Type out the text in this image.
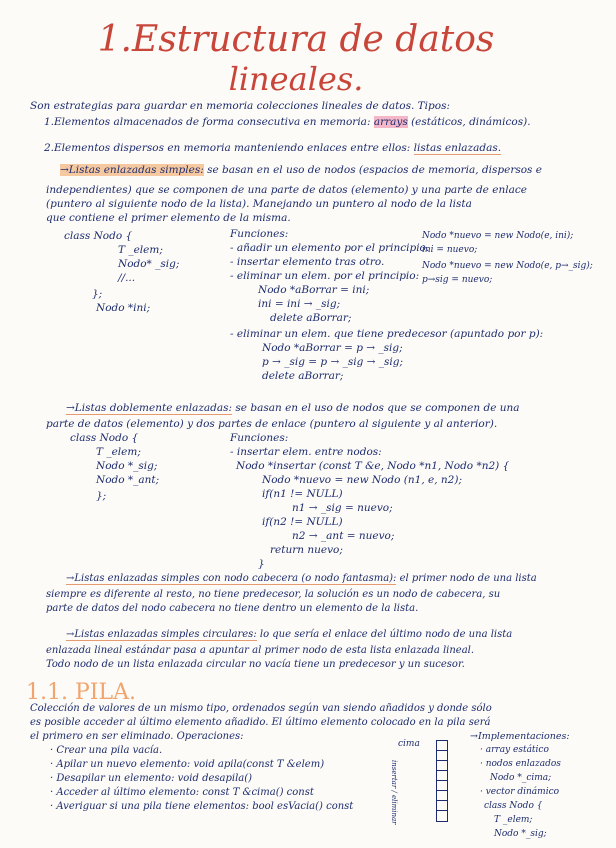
1.Estructura de datos
lineales.
Son estrategias para guardar en memoria colecciones lineales de datos. Tipos:
1.Elementos almacenados de forma consecutiva en memoria: arrays (estáticos, dinámicos).
2.Elementos dispersos en memoria manteniendo enlaces entre ellos: listas enlazadas.
→Listas enlazadas simples: se basan en el uso de nodos (espacios de memoria, dispersos e
independientes) que se componen de una parte de datos (elemento) y una parte de enlace
(puntero al siguiente nodo de la lista). Manejando un puntero al nodo de la lista
que contiene el primer elemento de la misma.
class Nodo {
T _elem;
Nodo* _sig;
//...
};
Nodo *ini;
Funciones:
- añadir un elemento por el principio.
- insertar elemento tras otro.
- eliminar un elem. por el principio:
Nodo *aBorrar = ini;
ini = ini → _sig;
delete aBorrar;
- eliminar un elem. que tiene predecesor (apuntado por p):
Nodo *aBorrar = p → _sig;
p → _sig = p → _sig → _sig;
delete aBorrar;
Nodo *nuevo = new Nodo(e, ini);
ini = nuevo;
Nodo *nuevo = new Nodo(e, p→_sig);
p→sig = nuevo;
→Listas doblemente enlazadas: se basan en el uso de nodos que se componen de una
parte de datos (elemento) y dos partes de enlace (puntero al siguiente y al anterior).
class Nodo {
T _elem;
Nodo *_sig;
Nodo *_ant;
};
Funciones:
- insertar elem. entre nodos:
Nodo *insertar (const T &e, Nodo *n1, Nodo *n2) {
Nodo *nuevo = new Nodo (n1, e, n2);
if(n1 != NULL)
n1 → _sig = nuevo;
if(n2 != NULL)
n2 → _ant = nuevo;
return nuevo;
}
→Listas enlazadas simples con nodo cabecera (o nodo fantasma): el primer nodo de una lista
siempre es diferente al resto, no tiene predecesor, la solución es un nodo de cabecera, su
parte de datos del nodo cabecera no tiene dentro un elemento de la lista.
→Listas enlazadas simples circulares: lo que sería el enlace del último nodo de una lista
enlazada lineal estándar pasa a apuntar al primer nodo de esta lista enlazada lineal.
Todo nodo de un lista enlazada circular no vacía tiene un predecesor y un sucesor.
1.1. PILA.
Colección de valores de un mismo tipo, ordenados según van siendo añadidos y donde sólo
es posible acceder al último elemento añadido. El último elemento colocado en la pila será
el primero en ser eliminado. Operaciones:
· Crear una pila vacía.
· Apilar un nuevo elemento: void apila(const T &elem)
· Desapilar un elemento: void desapila()
· Acceder al último elemento: const T &cima() const
· Averiguar si una pila tiene elementos: bool esVacia() const
cima
insertar / eliminar
→Implementaciones:
· array estático
· nodos enlazados
Nodo *_cima;
· vector dinámico
class Nodo {
T _elem;
Nodo *_sig;
